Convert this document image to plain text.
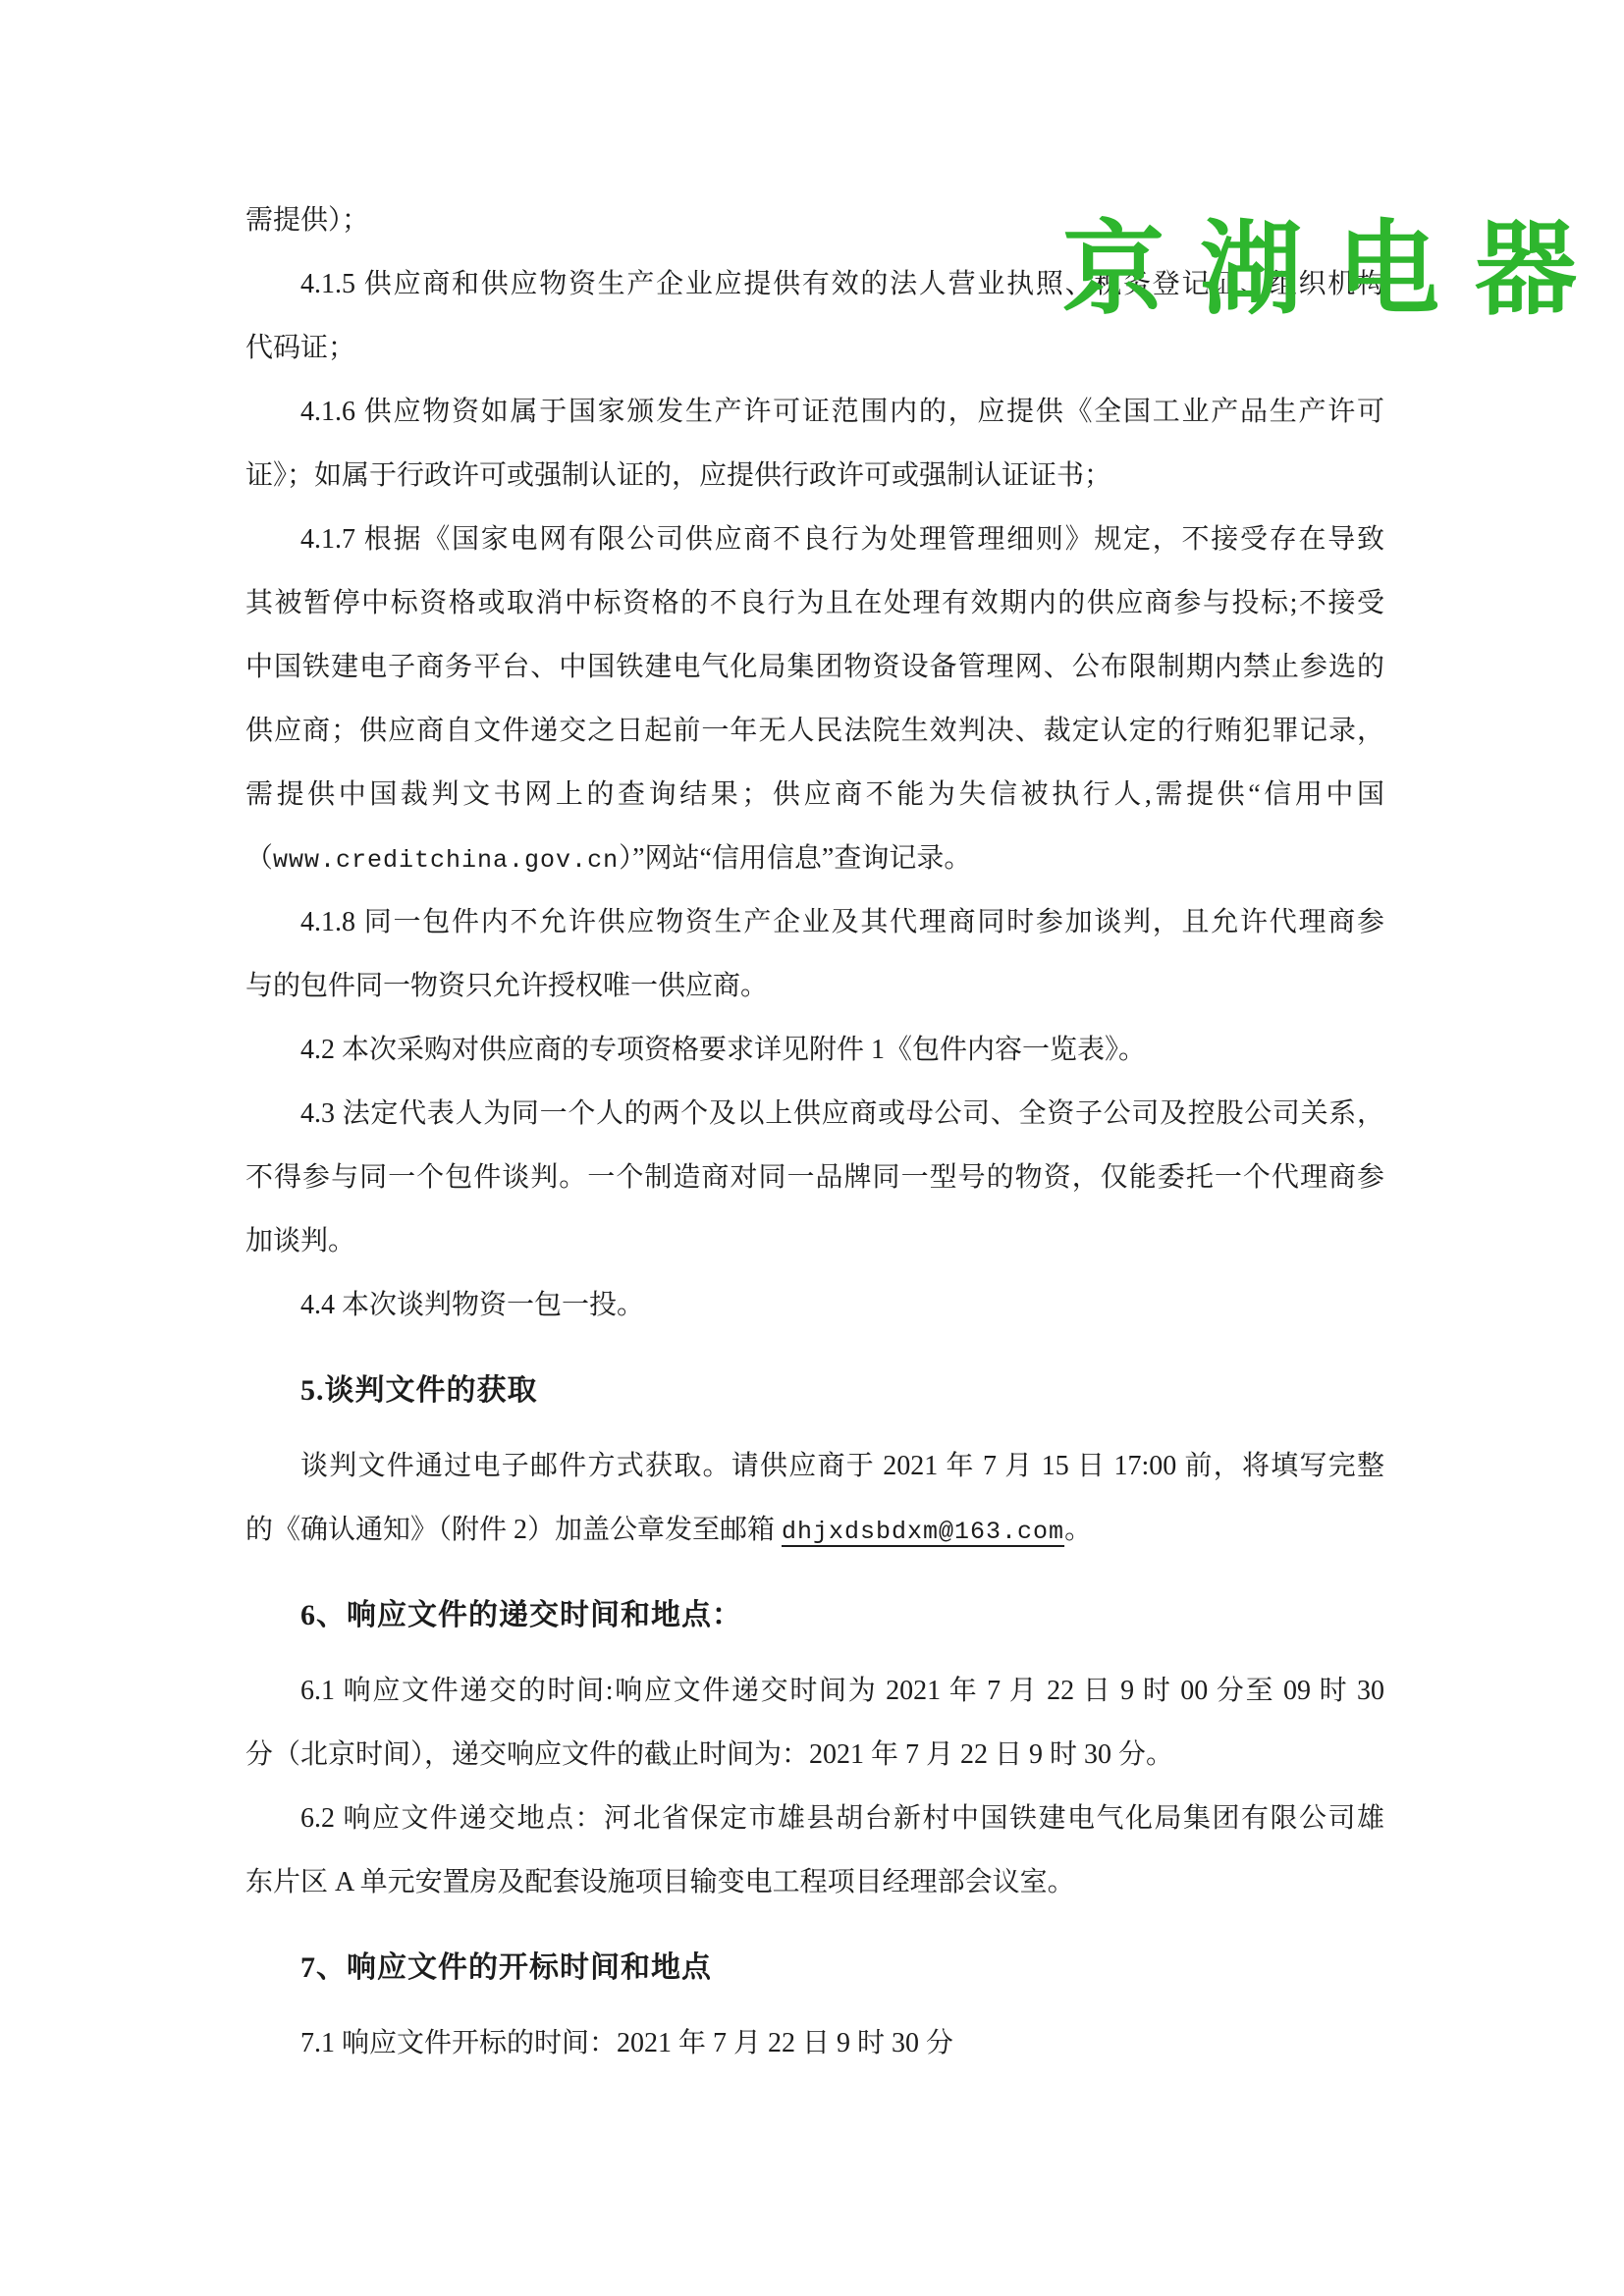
需提供）；
4.1.5 供应商和供应物资生产企业应提供有效的法人营业执照、税务登记证、组织机构
代码证；
4.1.6 供应物资如属于国家颁发生产许可证范围内的，应提供《全国工业产品生产许可
证》；如属于行政许可或强制认证的，应提供行政许可或强制认证证书；
4.1.7 根据《国家电网有限公司供应商不良行为处理管理细则》规定，不接受存在导致
其被暂停中标资格或取消中标资格的不良行为且在处理有效期内的供应商参与投标;不接受
中国铁建电子商务平台、中国铁建电气化局集团物资设备管理网、公布限制期内禁止参选的
供应商；供应商自文件递交之日起前一年无人民法院生效判决、裁定认定的行贿犯罪记录，
需提供中国裁判文书网上的查询结果；供应商不能为失信被执行人,需提供“信用中国
（www.creditchina.gov.cn）”网站“信用信息”查询记录。
4.1.8 同一包件内不允许供应物资生产企业及其代理商同时参加谈判，且允许代理商参
与的包件同一物资只允许授权唯一供应商。
4.2 本次采购对供应商的专项资格要求详见附件 1《包件内容一览表》。
4.3 法定代表人为同一个人的两个及以上供应商或母公司、全资子公司及控股公司关系，
不得参与同一个包件谈判。一个制造商对同一品牌同一型号的物资，仅能委托一个代理商参
加谈判。
4.4 本次谈判物资一包一投。
5.谈判文件的获取
谈判文件通过电子邮件方式获取。请供应商于 2021 年 7 月 15 日 17:00 前，将填写完整
的《确认通知》（附件 2）加盖公章发至邮箱 dhjxdsbdxm@163.com。
6、响应文件的递交时间和地点：
6.1 响应文件递交的时间:响应文件递交时间为 2021 年 7 月 22 日 9 时 00 分至 09 时 30
分（北京时间），递交响应文件的截止时间为：2021 年 7 月 22 日 9 时 30 分。
6.2 响应文件递交地点：河北省保定市雄县胡台新村中国铁建电气化局集团有限公司雄
东片区 A 单元安置房及配套设施项目输变电工程项目经理部会议室。
7、响应文件的开标时间和地点
7.1 响应文件开标的时间：2021 年 7 月 22 日 9 时 30 分
京湖电器
